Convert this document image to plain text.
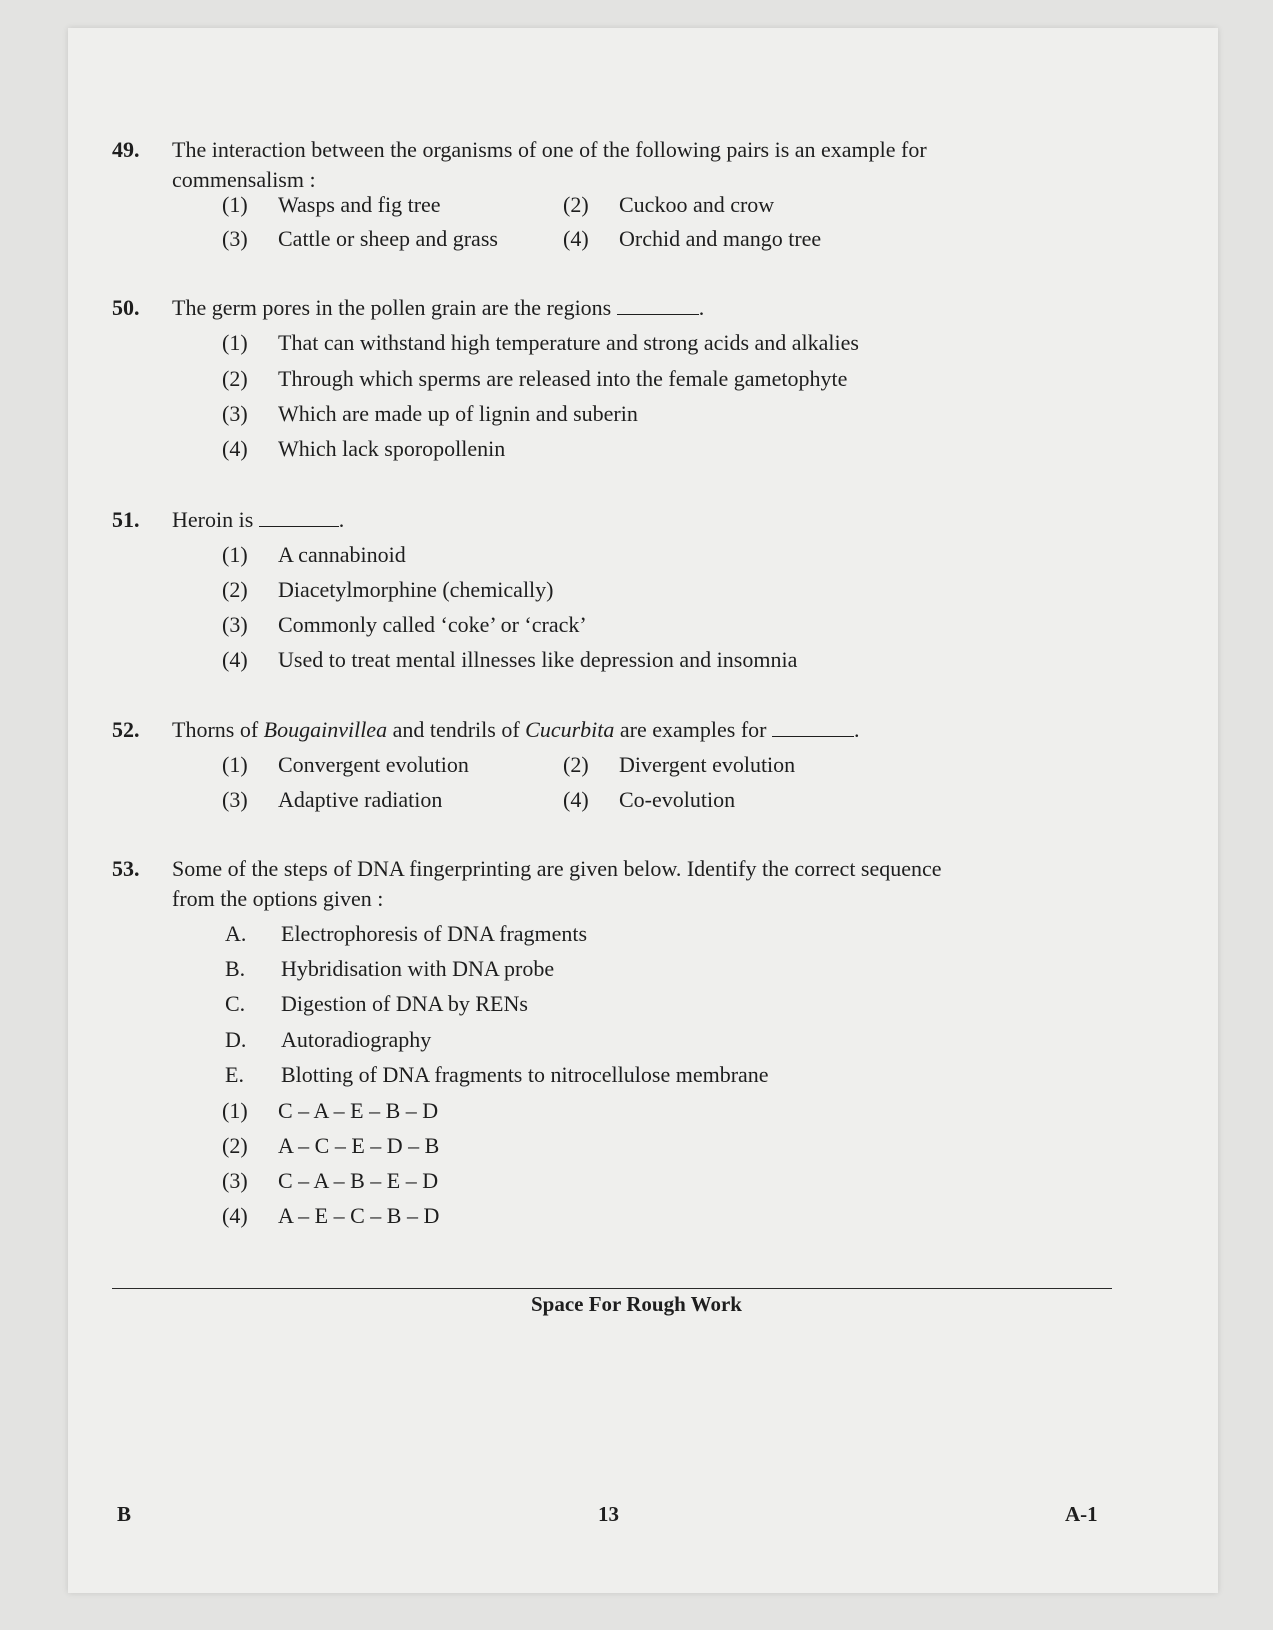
49.	The interaction between the organisms of one of the following pairs is an example for
commensalism :
(1) Wasps and fig tree	(2) Cuckoo and crow
(3) Cattle or sheep and grass	(4) Orchid and mango tree
50.	The germ pores in the pollen grain are the regions	.
(1) That can withstand high temperature and strong acids and alkalies
(2) Through which sperms are released into the female gametophyte
(3) Which are made up of lignin and suberin
(4) Which lack sporopollenin
51.	Heroin is	.
(1) A cannabinoid
(2) Diacetylmorphine (chemically)
(3) Commonly called ‘coke’ or ‘crack’
(4) Used to treat mental illnesses like depression and insomnia
52.	Thorns of Bougainvillea and tendrils of Cucurbita are examples for	.
(1) Convergent evolution	(2) Divergent evolution
(3) Adaptive radiation	(4) Co-evolution
53.	Some of the steps of DNA fingerprinting are given below. Identify the correct sequence
from the options given :
A. Electrophoresis of DNA fragments
B. Hybridisation with DNA probe
C. Digestion of DNA by RENs
D. Autoradiography
E. Blotting of DNA fragments to nitrocellulose membrane
(1) C – A – E – B – D
(2) A – C – E – D – B
(3) C – A – B – E – D
(4) A – E – C – B – D
Space For Rough Work
B	13	A-1
